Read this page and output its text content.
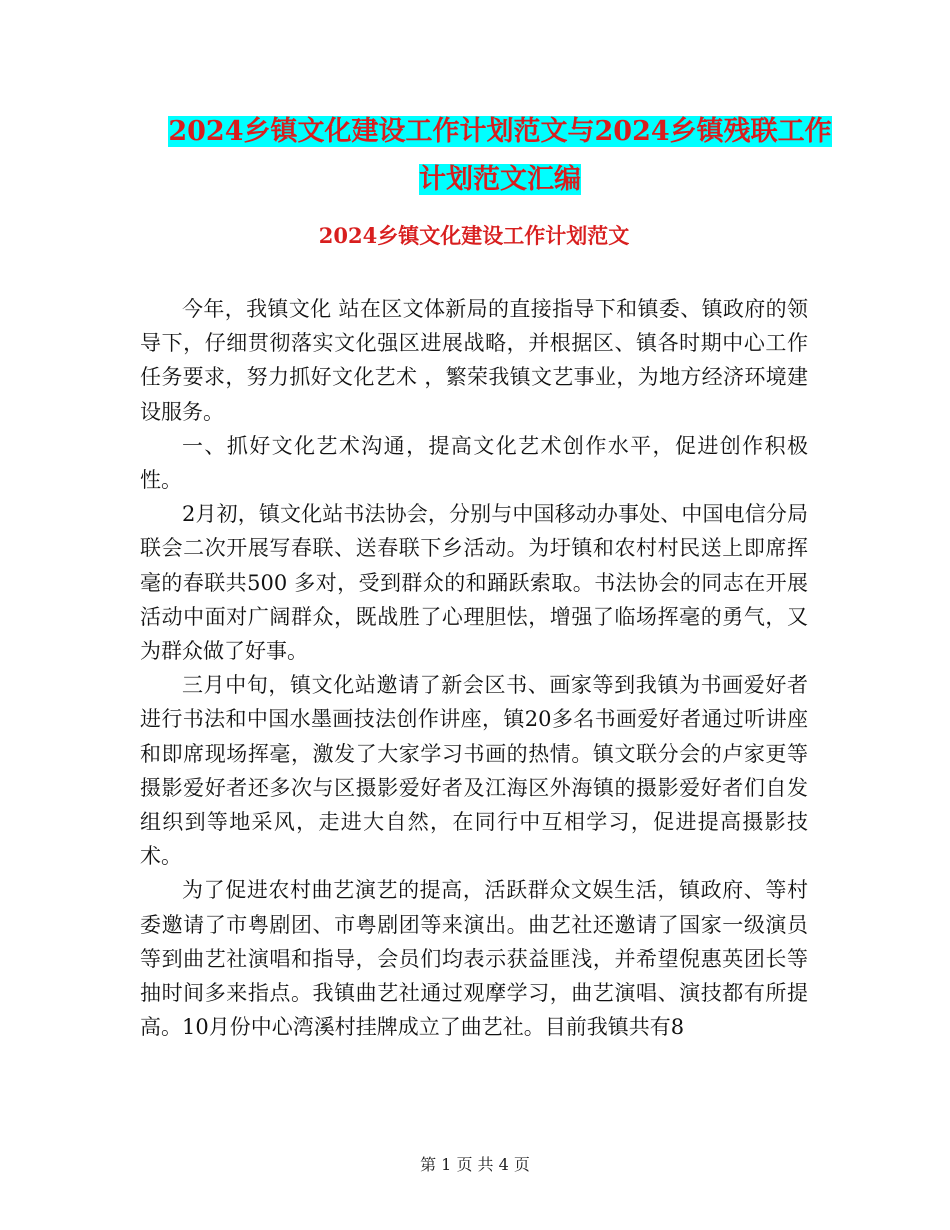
2024乡镇文化建设工作计划范文与2024乡镇残联工作
计划范文汇编
2024乡镇文化建设工作计划范文

今年，我镇文化 站在区文体新局的直接指导下和镇委、镇政府的领导下，仔细贯彻落实文化强区进展战略，并根据区、镇各时期中心工作任务要求，努力抓好文化艺术 ，繁荣我镇文艺事业，为地方经济环境建设服务。

一、抓好文化艺术沟通，提高文化艺术创作水平，促进创作积极性。

2月初，镇文化站书法协会，分别与中国移动办事处、中国电信分局联会二次开展写春联、送春联下乡活动。为圩镇和农村村民送上即席挥毫的春联共500 多对，受到群众的和踊跃索取。书法协会的同志在开展活动中面对广阔群众，既战胜了心理胆怯，增强了临场挥毫的勇气，又为群众做了好事。

三月中旬，镇文化站邀请了新会区书、画家等到我镇为书画爱好者进行书法和中国水墨画技法创作讲座，镇20多名书画爱好者通过听讲座和即席现场挥毫，激发了大家学习书画的热情。镇文联分会的卢家更等摄影爱好者还多次与区摄影爱好者及江海区外海镇的摄影爱好者们自发组织到等地采风，走进大自然，在同行中互相学习，促进提高摄影技术。

为了促进农村曲艺演艺的提高，活跃群众文娱生活，镇政府、等村委邀请了市粤剧团、市粤剧团等来演出。曲艺社还邀请了国家一级演员等到曲艺社演唱和指导，会员们均表示获益匪浅，并希望倪惠英团长等抽时间多来指点。我镇曲艺社通过观摩学习，曲艺演唱、演技都有所提高。10月份中心湾溪村挂牌成立了曲艺社。目前我镇共有8

第 1 页 共 4 页
